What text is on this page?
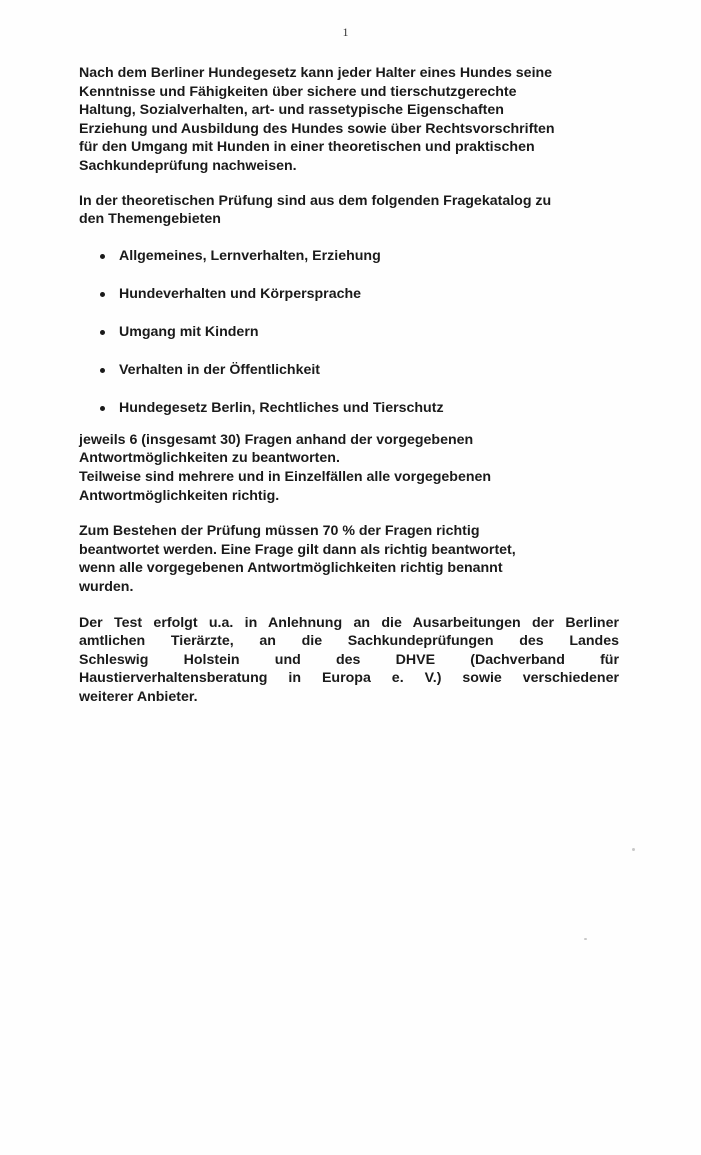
1

Nach dem Berliner Hundegesetz kann jeder Halter eines Hundes seine
Kenntnisse und Fähigkeiten über sichere und tierschutzgerechte
Haltung, Sozialverhalten, art- und rassetypische Eigenschaften
Erziehung und Ausbildung des Hundes sowie über Rechtsvorschriften
für den Umgang mit Hunden in einer theoretischen und praktischen
Sachkundeprüfung nachweisen.

In der theoretischen Prüfung sind aus dem folgenden Fragekatalog zu
den Themengebieten

Allgemeines, Lernverhalten, Erziehung
Hundeverhalten und Körpersprache
Umgang mit Kindern
Verhalten in der Öffentlichkeit
Hundegesetz Berlin, Rechtliches und Tierschutz

jeweils 6 (insgesamt 30) Fragen anhand der vorgegebenen
Antwortmöglichkeiten zu beantworten.
Teilweise sind mehrere und in Einzelfällen alle vorgegebenen
Antwortmöglichkeiten richtig.

Zum Bestehen der Prüfung müssen 70 % der Fragen richtig
beantwortet werden. Eine Frage gilt dann als richtig beantwortet,
wenn alle vorgegebenen Antwortmöglichkeiten richtig benannt
wurden.

Der Test erfolgt u.a. in Anlehnung an die Ausarbeitungen der Berliner
amtlichen Tierärzte, an die Sachkundeprüfungen des Landes
Schleswig Holstein und des DHVE (Dachverband für
Haustierverhaltensberatung in Europa e. V.) sowie verschiedener
weiterer Anbieter.
